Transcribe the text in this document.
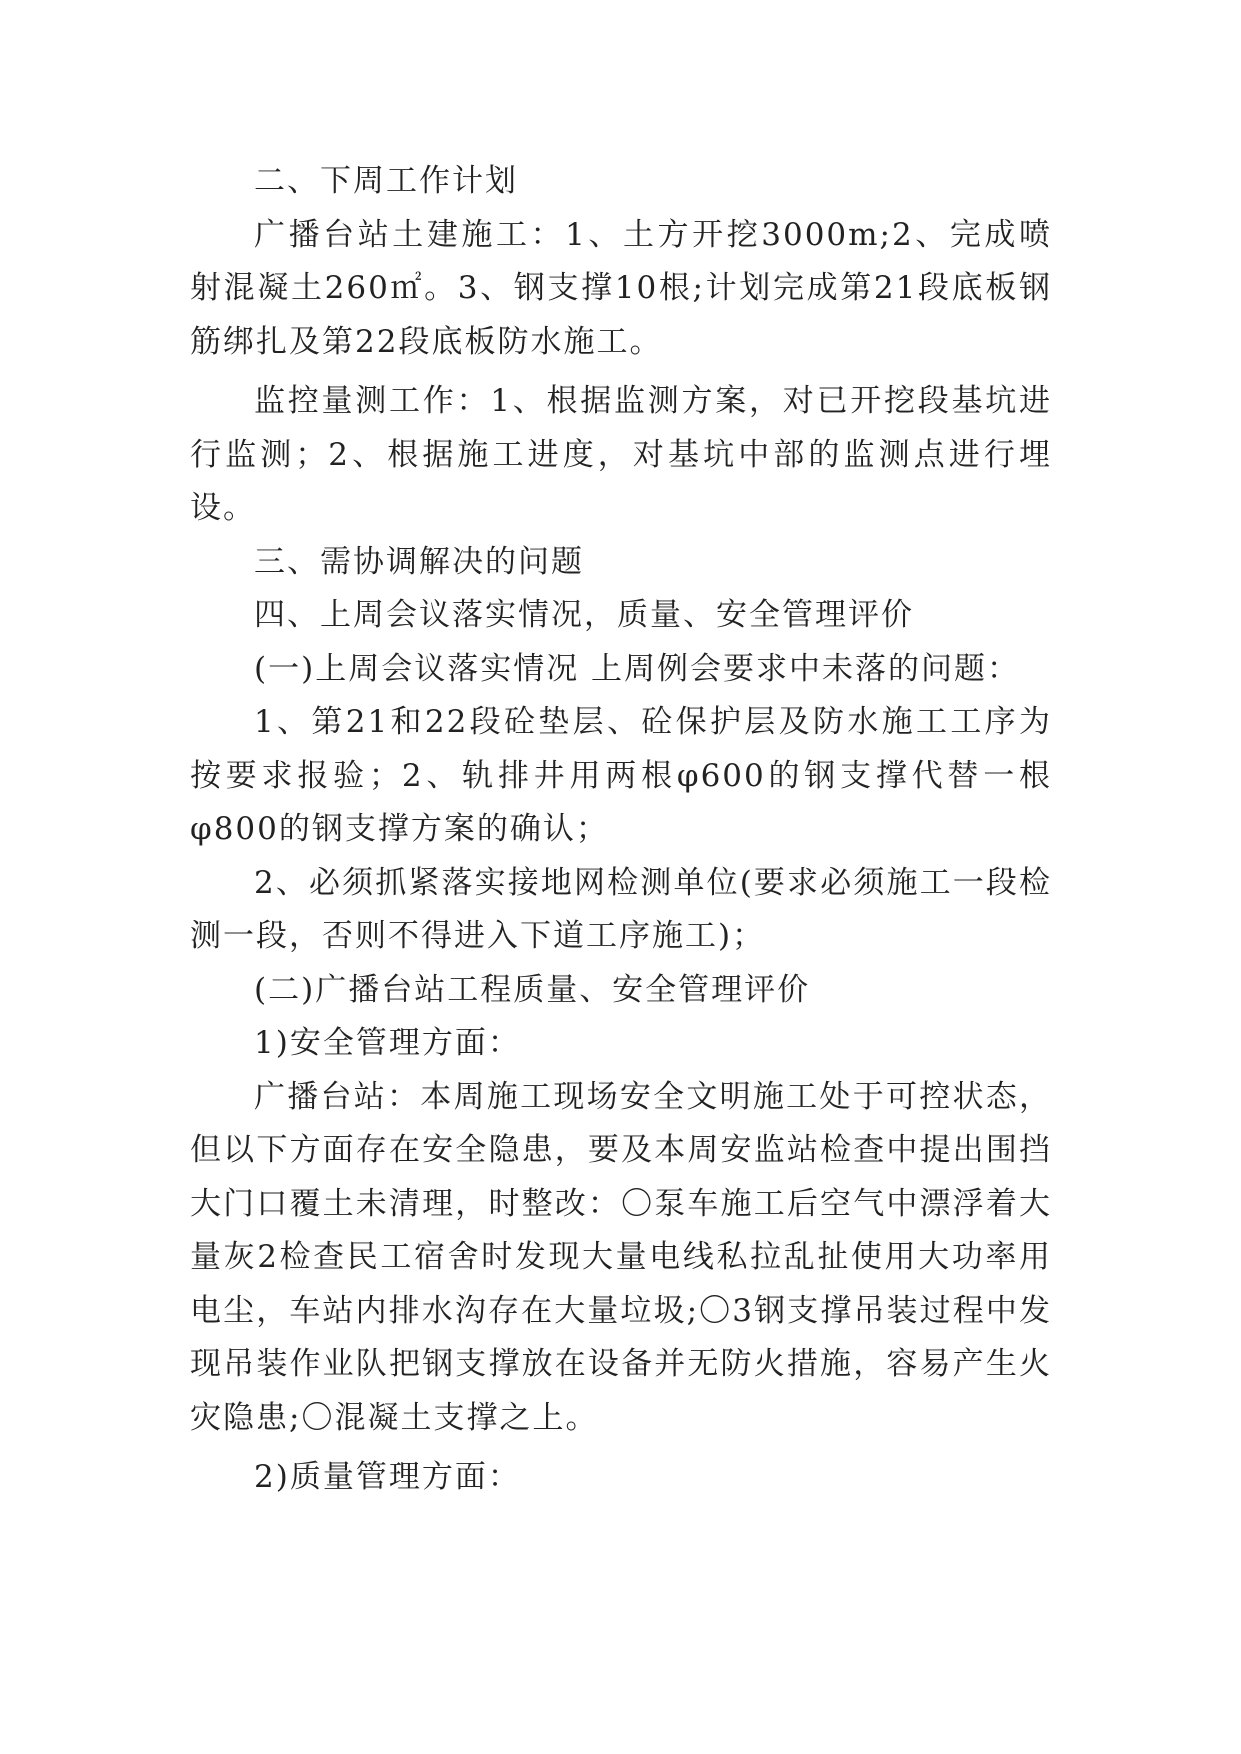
二、下周工作计划

广播台站土建施工：1、土方开挖3000m;2、完成喷射混凝土260㎡。3、钢支撑10根;计划完成第21段底板钢筋绑扎及第22段底板防水施工。

监控量测工作：1、根据监测方案，对已开挖段基坑进行监测；2、根据施工进度，对基坑中部的监测点进行埋设。

三、需协调解决的问题

四、上周会议落实情况，质量、安全管理评价

(一)上周会议落实情况 上周例会要求中未落的问题：

1、第21和22段砼垫层、砼保护层及防水施工工序为按要求报验；2、轨排井用两根φ600的钢支撑代替一根φ800的钢支撑方案的确认；

2、必须抓紧落实接地网检测单位(要求必须施工一段检测一段，否则不得进入下道工序施工)；

(二)广播台站工程质量、安全管理评价

1)安全管理方面：

广播台站：本周施工现场安全文明施工处于可控状态，但以下方面存在安全隐患，要及本周安监站检查中提出围挡大门口覆土未清理，时整改：〇泵车施工后空气中漂浮着大量灰2检查民工宿舍时发现大量电线私拉乱扯使用大功率用电尘，车站内排水沟存在大量垃圾;〇3钢支撑吊装过程中发现吊装作业队把钢支撑放在设备并无防火措施，容易产生火灾隐患;〇混凝土支撑之上。

2)质量管理方面：
